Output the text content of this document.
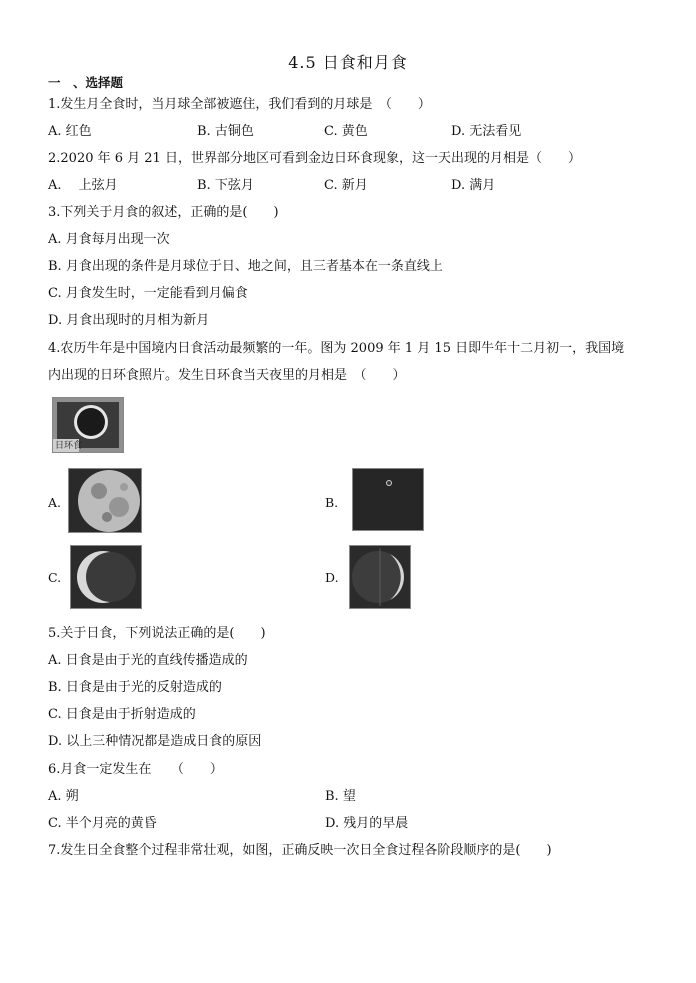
4.5 日食和月食
一　、选择题
1.发生月全食时，当月球全部被遮住，我们看到的月球是　（　　）
A. 红色	B. 古铜色	C. 黄色	D. 无法看见
2.2020 年 6 月 21 日，世界部分地区可看到金边日环食现象，这一天出现的月相是（　　）
A.　 上弦月	B. 下弦月	C. 新月	D. 满月
3.下列关于月食的叙述，正确的是(　　)
A. 月食每月出现一次
B. 月食出现的条件是月球位于日、地之间，且三者基本在一条直线上
C. 月食发生时，一定能看到月偏食
D. 月食出现时的月相为新月
4.农历牛年是中国境内日食活动最频繁的一年。图为 2009 年 1 月 15 日即牛年十二月初一，我国境
内出现的日环食照片。发生日环食当天夜里的月相是　（　　）
日环食
A.	B.
C.	D.
5.关于日食，下列说法正确的是(　　)
A. 日食是由于光的直线传播造成的
B. 日食是由于光的反射造成的
C. 日食是由于折射造成的
D. 以上三种情况都是造成日食的原因
6.月食一定发生在　　（　　）
A. 朔	B. 望
C. 半个月亮的黄昏	D. 残月的早晨
7.发生日全食整个过程非常壮观，如图，正确反映一次日全食过程各阶段顺序的是(　　)
